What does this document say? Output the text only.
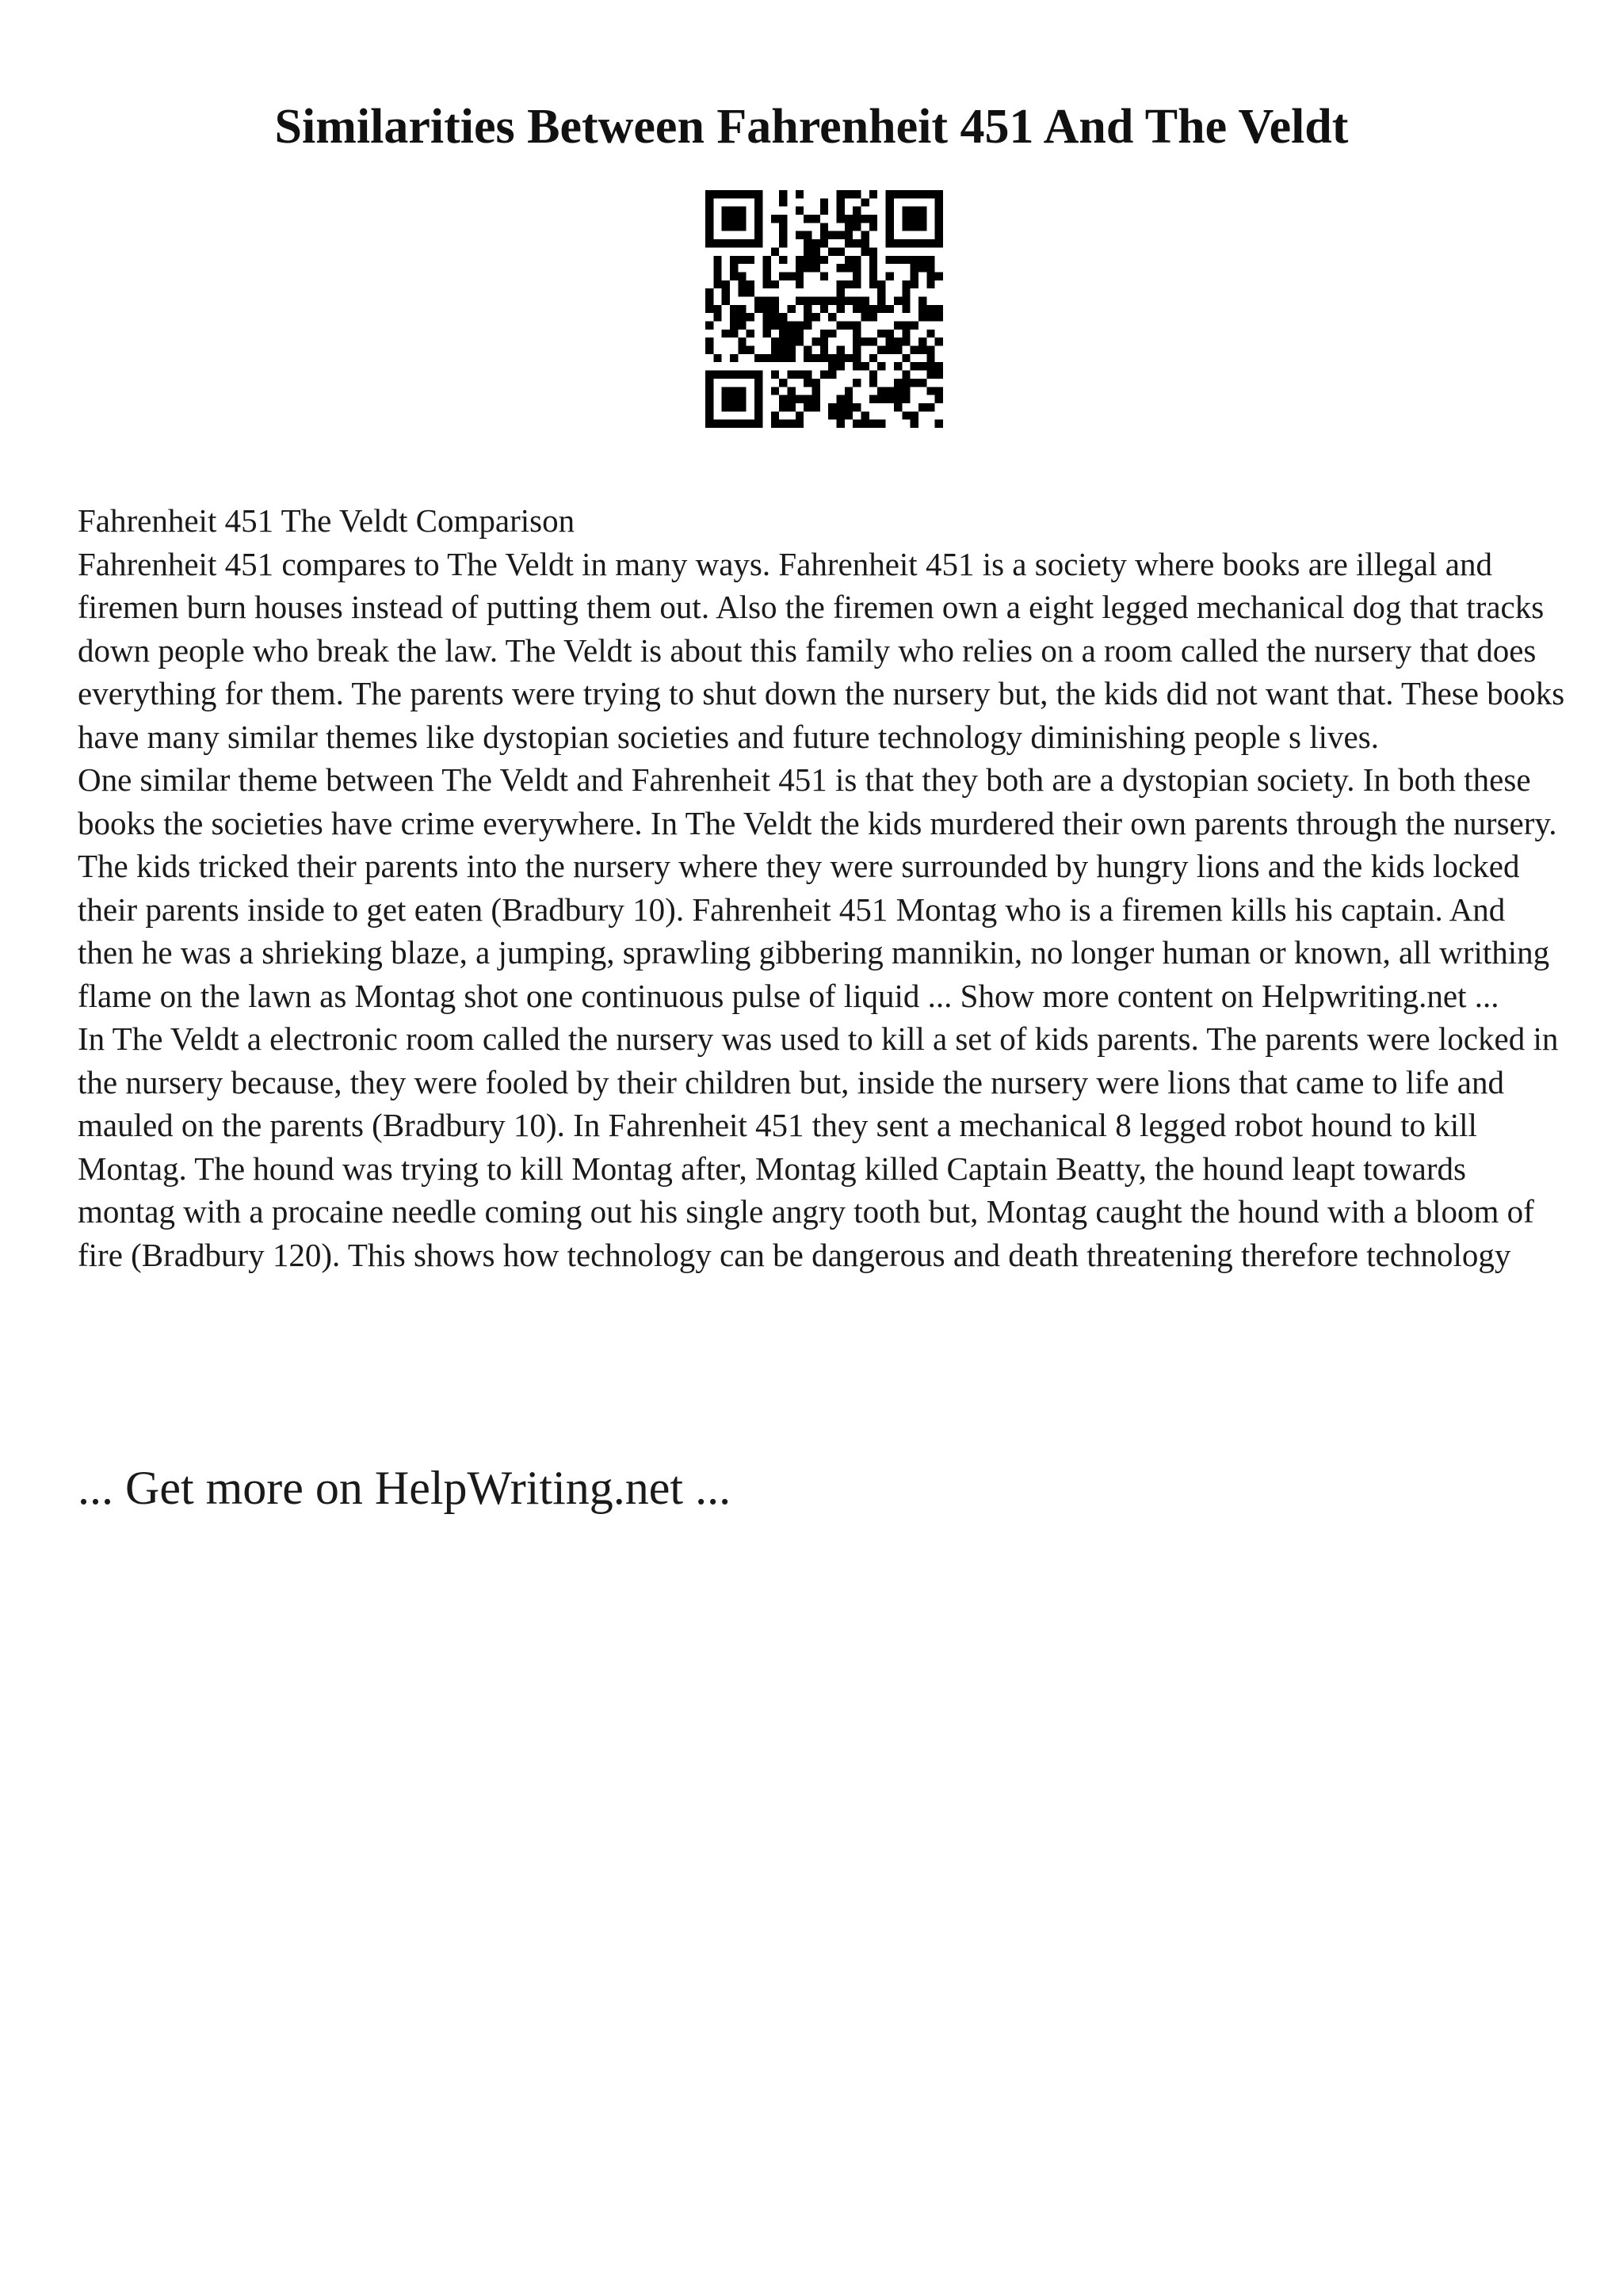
Similarities Between Fahrenheit 451 And The Veldt

Fahrenheit 451 The Veldt Comparison

Fahrenheit 451 compares to The Veldt in many ways. Fahrenheit 451 is a society where books are illegal and firemen burn houses instead of putting them out. Also the firemen own a eight legged mechanical dog that tracks down people who break the law. The Veldt is about this family who relies on a room called the nursery that does everything for them. The parents were trying to shut down the nursery but, the kids did not want that. These books have many similar themes like dystopian societies and future technology diminishing people s lives.

One similar theme between The Veldt and Fahrenheit 451 is that they both are a dystopian society. In both these books the societies have crime everywhere. In The Veldt the kids murdered their own parents through the nursery. The kids tricked their parents into the nursery where they were surrounded by hungry lions and the kids locked their parents inside to get eaten (Bradbury 10). Fahrenheit 451 Montag who is a firemen kills his captain. And then he was a shrieking blaze, a jumping, sprawling gibbering mannikin, no longer human or known, all writhing flame on the lawn as Montag shot one continuous pulse of liquid ... Show more content on Helpwriting.net ...

In The Veldt a electronic room called the nursery was used to kill a set of kids parents. The parents were locked in the nursery because, they were fooled by their children but, inside the nursery were lions that came to life and mauled on the parents (Bradbury 10). In Fahrenheit 451 they sent a mechanical 8 legged robot hound to kill Montag. The hound was trying to kill Montag after, Montag killed Captain Beatty, the hound leapt towards montag with a procaine needle coming out his single angry tooth but, Montag caught the hound with a bloom of fire (Bradbury 120). This shows how technology can be dangerous and death threatening therefore technology

... Get more on HelpWriting.net ...
